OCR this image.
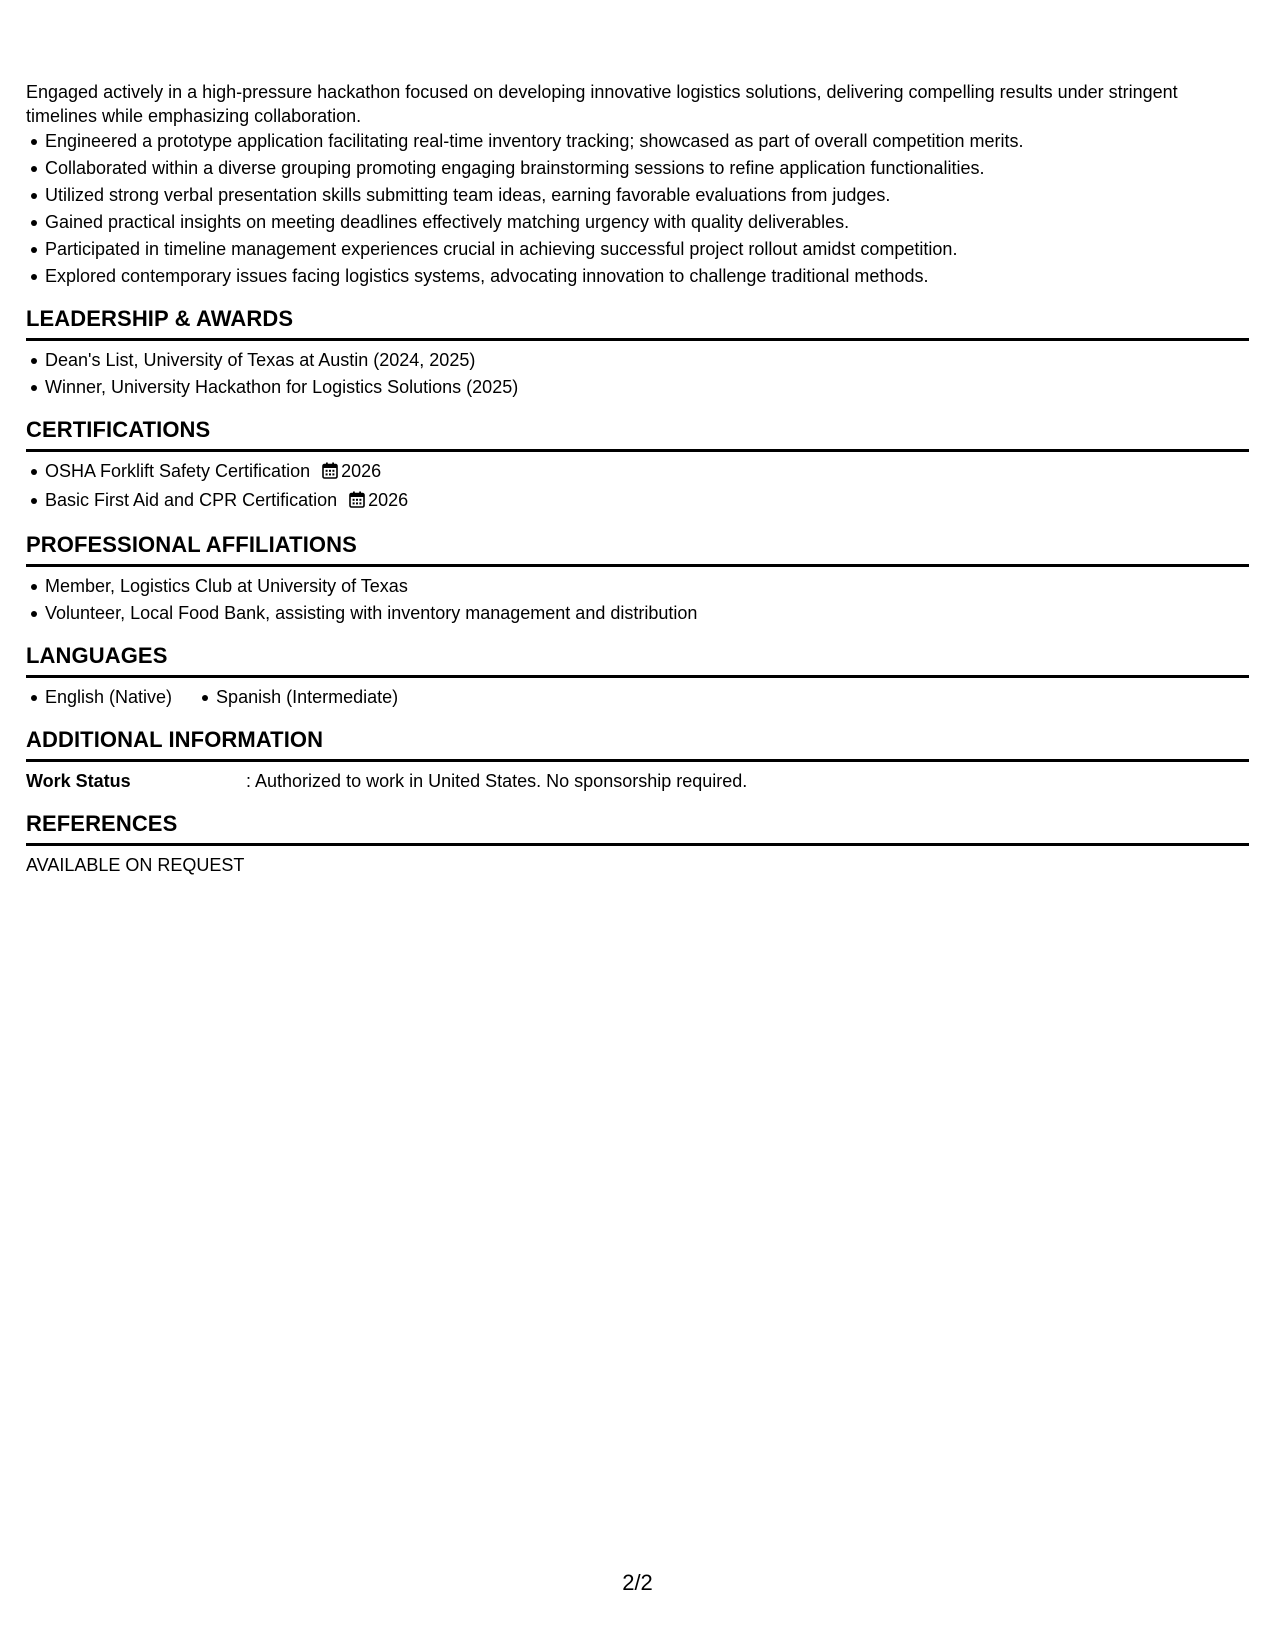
Engaged actively in a high-pressure hackathon focused on developing innovative logistics solutions, delivering compelling results under stringent timelines while emphasizing collaboration.

Engineered a prototype application facilitating real-time inventory tracking; showcased as part of overall competition merits.
Collaborated within a diverse grouping promoting engaging brainstorming sessions to refine application functionalities.
Utilized strong verbal presentation skills submitting team ideas, earning favorable evaluations from judges.
Gained practical insights on meeting deadlines effectively matching urgency with quality deliverables.
Participated in timeline management experiences crucial in achieving successful project rollout amidst competition.
Explored contemporary issues facing logistics systems, advocating innovation to challenge traditional methods.
LEADERSHIP & AWARDS
Dean's List, University of Texas at Austin (2024, 2025)
Winner, University Hackathon for Logistics Solutions (2025)
CERTIFICATIONS
OSHA Forklift Safety Certification 2026
Basic First Aid and CPR Certification 2026
PROFESSIONAL AFFILIATIONS
Member, Logistics Club at University of Texas
Volunteer, Local Food Bank, assisting with inventory management and distribution
LANGUAGES
English (Native) Spanish (Intermediate)
ADDITIONAL INFORMATION
Work Status	: Authorized to work in United States. No sponsorship required.
REFERENCES
AVAILABLE ON REQUEST
2/2
